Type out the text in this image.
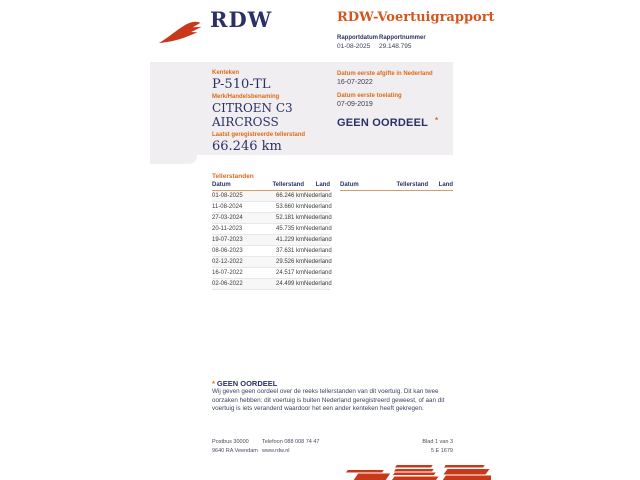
RDW	RDW-Voertuigrapport
Rapportdatum Rapportnummer
01-08-2025 29.148.795
Kenteken
P-510-TL
Merk/Handelsbenaming
CITROEN C3
AIRCROSS
Laatst geregistreerde tellerstand
66.246 km
Datum eerste afgifte in Nederland
16-07-2022
Datum eerste toelating
07-09-2019
GEEN OORDEEL *
Tellerstanden
Datum	Tellerstand	Land
01-08-2025	66.246 km	Nederland
11-08-2024	53.660 km	Nederland
27-03-2024	52.181 km	Nederland
20-11-2023	45.735 km	Nederland
19-07-2023	41.229 km	Nederland
08-06-2023	37.631 km	Nederland
02-12-2022	29.526 km	Nederland
16-07-2022	24.517 km	Nederland
02-06-2022	24.499 km	Nederland
Datum	Tellerstand	Land
* GEEN OORDEEL
Wij geven geen oordeel over de reeks tellerstanden van dit voertuig. Dit kan twee oorzaken hebben: dit voertuig is buiten Nederland geregistreerd geweest, of aan dit voertuig is iets veranderd waardoor het een ander kenteken heeft gekregen.
Postbus 30000
9640 RA Veendam
Telefoon 088 008 74 47
www.rdw.nl
Blad 1 van 3
5 E 1679
